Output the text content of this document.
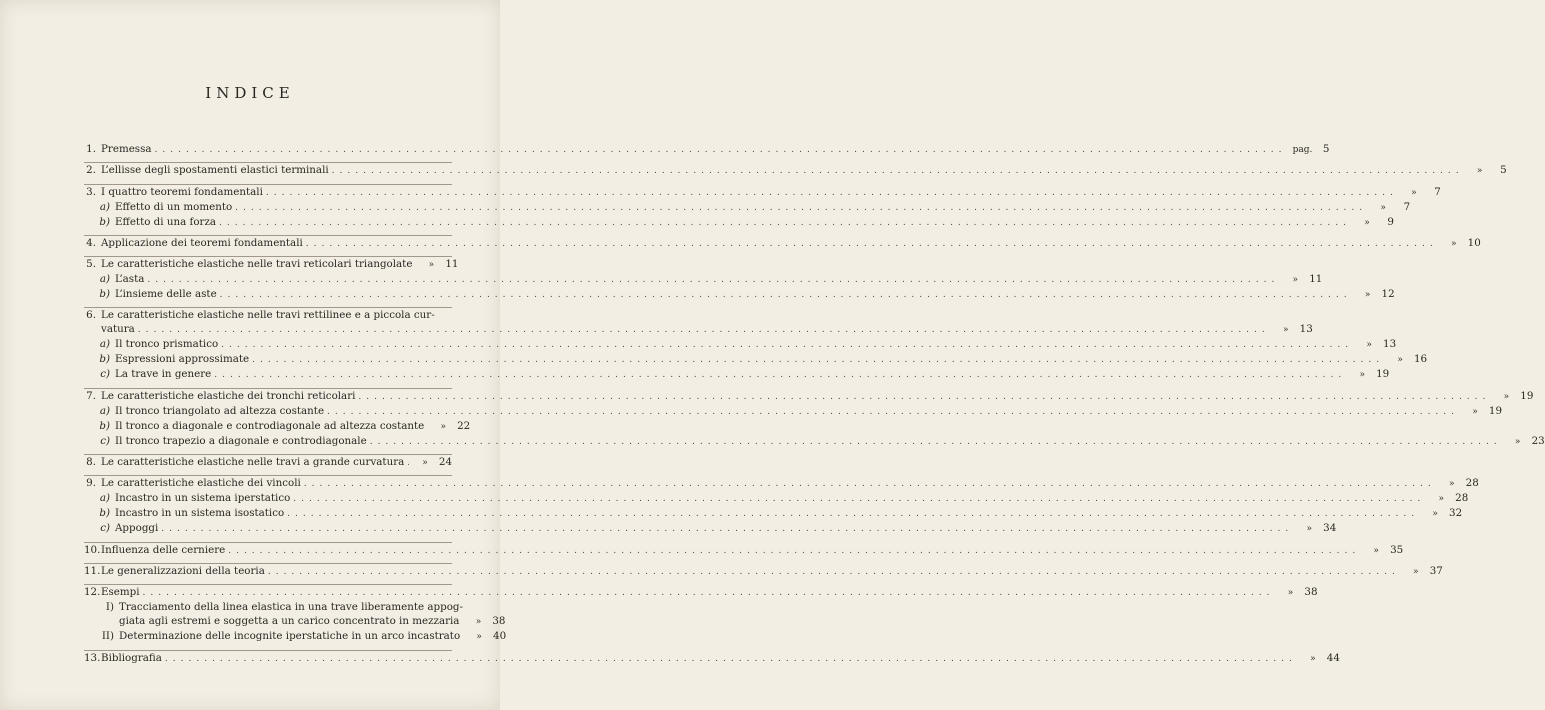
INDICE
1. Premessa .....	pag.	5
2. L’ellisse degli spostamenti elastici terminali .....	»	5
3. I quattro teoremi fondamentali .....	»	7
a) Effetto di un momento .....	»	7
b) Effetto di una forza .....	»	9
4. Applicazione dei teoremi fondamentali .....	»	10
5. Le caratteristiche elastiche nelle travi reticolari triangolate	»	11
a) L’asta .....	»	11
b) L’insieme delle aste .....	»	12
6. Le caratteristiche elastiche nelle travi rettilinee e a piccola cur-
vatura .....	»	13
a) Il tronco prismatico .....	»	13
b) Espressioni approssimate .....	»	16
c) La trave in genere .....	»	19
7. Le caratteristiche elastiche dei tronchi reticolari .....	»	19
a) Il tronco triangolato ad altezza costante .....	»	19
b) Il tronco a diagonale e controdiagonale ad altezza costante	»	22
c) Il tronco trapezio a diagonale e controdiagonale .....	»	23
8. Le caratteristiche elastiche nelle travi a grande curvatura .....	»	24
9. Le caratteristiche elastiche dei vincoli .....	»	28
a) Incastro in un sistema iperstatico .....	»	28
b) Incastro in un sistema isostatico .....	»	32
c) Appoggi .....	»	34
10. Influenza delle cerniere .....	»	35
11. Le generalizzazioni della teoria .....	»	37
12. Esempi .....	»	38
I) Tracciamento della linea elastica in una trave liberamente appog-
giata agli estremi e soggetta a un carico concentrato in mezzaria	»	38
II) Determinazione delle incognite iperstatiche in un arco incastrato	»	40
13. Bibliografia .....	»	44
